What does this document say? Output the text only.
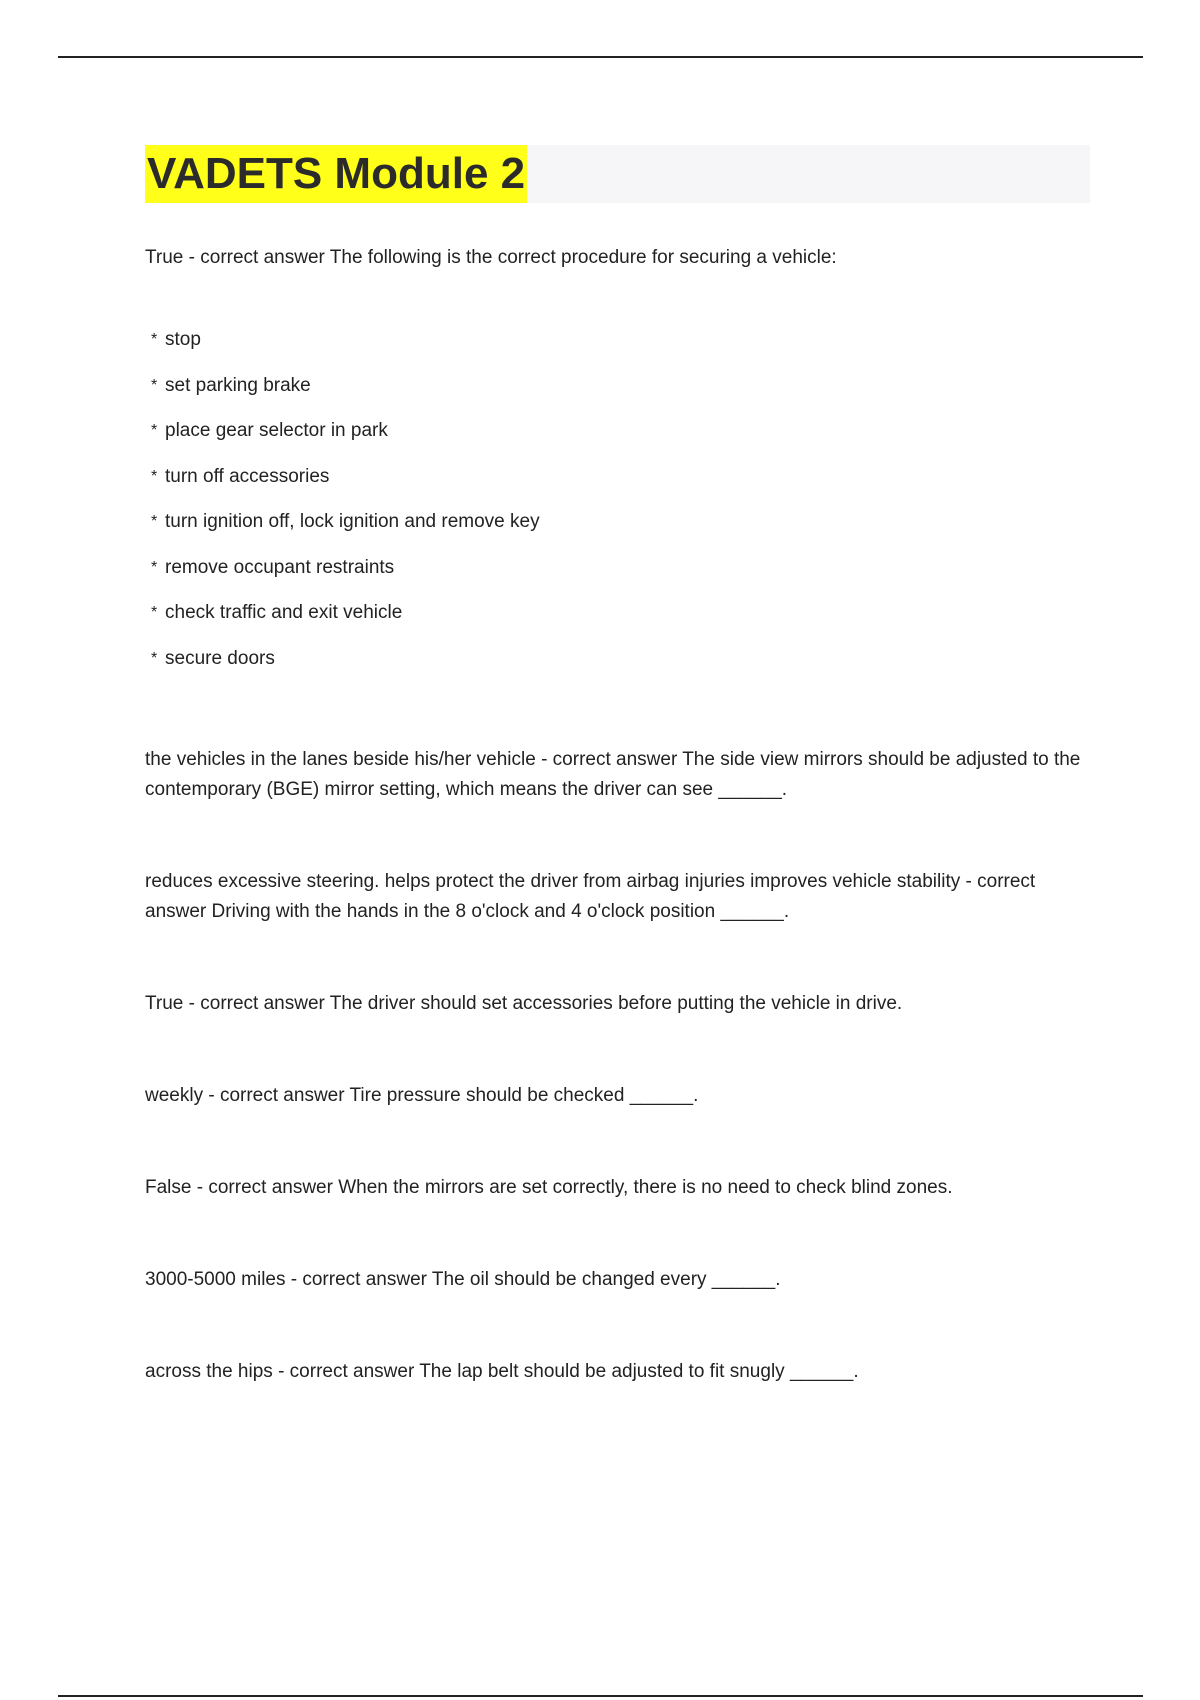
VADETS Module 2

True - correct answer The following is the correct procedure for securing a vehicle:

* stop
* set parking brake
* place gear selector in park
* turn off accessories
* turn ignition off, lock ignition and remove key
* remove occupant restraints
* check traffic and exit vehicle
* secure doors

the vehicles in the lanes beside his/her vehicle - correct answer The side view mirrors should be adjusted to the contemporary (BGE) mirror setting, which means the driver can see ______.

reduces excessive steering. helps protect the driver from airbag injuries improves vehicle stability - correct answer Driving with the hands in the 8 o'clock and 4 o'clock position ______.

True - correct answer The driver should set accessories before putting the vehicle in drive.

weekly - correct answer Tire pressure should be checked ______.

False - correct answer When the mirrors are set correctly, there is no need to check blind zones.

3000-5000 miles - correct answer The oil should be changed every ______.

across the hips - correct answer The lap belt should be adjusted to fit snugly ______.
